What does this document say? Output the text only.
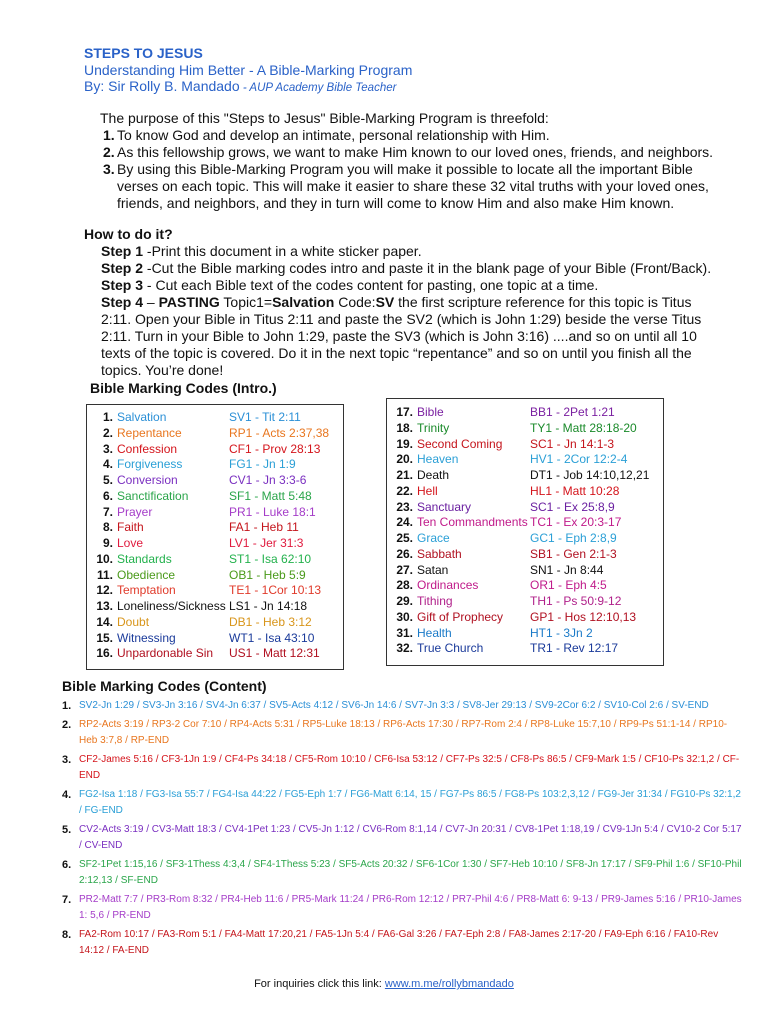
STEPS TO JESUS
Understanding Him Better - A Bible-Marking Program
By: Sir Rolly B. Mandado - AUP Academy Bible Teacher
The purpose of this "Steps to Jesus" Bible-Marking Program is threefold:
1. To know God and develop an intimate, personal relationship with Him.
2. As this fellowship grows, we want to make Him known to our loved ones, friends, and neighbors.
3. By using this Bible-Marking Program you will make it possible to locate all the important Bible verses on each topic. This will make it easier to share these 32 vital truths with your loved ones, friends, and neighbors, and they in turn will come to know Him and also make Him known.
How to do it?
Step 1 -Print this document in a white sticker paper.
Step 2 -Cut the Bible marking codes intro and paste it in the blank page of your Bible (Front/Back).
Step 3 - Cut each Bible text of the codes content for pasting, one topic at a time.
Step 4 – PASTING Topic1=Salvation Code:SV the first scripture reference for this topic is Titus 2:11. Open your Bible in Titus 2:11 and paste the SV2 (which is John 1:29) beside the verse Titus 2:11. Turn in your Bible to John 1:29, paste the SV3 (which is John 3:16) ....and so on until all 10 texts of the topic is covered. Do it in the next topic “repentance” and so on until you finish all the topics. You’re done!
Bible Marking Codes (Intro.)
1. Salvation	SV1 - Tit 2:11
2. Repentance	RP1 - Acts 2:37,38
3. Confession	CF1 - Prov 28:13
4. Forgiveness	FG1 - Jn 1:9
5. Conversion	CV1 - Jn 3:3-6
6. Sanctification	SF1 - Matt 5:48
7. Prayer	PR1 - Luke 18:1
8. Faith	FA1 - Heb 11
9. Love	LV1 - Jer 31:3
10. Standards	ST1 - Isa 62:10
11. Obedience	OB1 - Heb 5:9
12. Temptation	TE1 - 1Cor 10:13
13. Loneliness/Sickness LS1 - Jn 14:18
14. Doubt	DB1 - Heb 3:12
15. Witnessing	WT1 - Isa 43:10
16. Unpardonable Sin	US1 - Matt 12:31
17. Bible	BB1 - 2Pet 1:21
18. Trinity	TY1 - Matt 28:18-20
19. Second Coming	SC1 - Jn 14:1-3
20. Heaven	HV1 - 2Cor 12:2-4
21. Death	DT1 - Job 14:10,12,21
22. Hell	HL1 - Matt 10:28
23. Sanctuary	SC1 - Ex 25:8,9
24. Ten Commandments TC1 - Ex 20:3-17
25. Grace	GC1 - Eph 2:8,9
26. Sabbath	SB1 - Gen 2:1-3
27. Satan	SN1 - Jn 8:44
28. Ordinances	OR1 - Eph 4:5
29. Tithing	TH1 - Ps 50:9-12
30. Gift of Prophecy	GP1 - Hos 12:10,13
31. Health	HT1 - 3Jn 2
32. True Church	TR1 - Rev 12:17
Bible Marking Codes (Content)
1. SV2-Jn 1:29 / SV3-Jn 3:16 / SV4-Jn 6:37 / SV5-Acts 4:12 / SV6-Jn 14:6 / SV7-Jn 3:3 / SV8-Jer 29:13 / SV9-2Cor 6:2 / SV10-Col 2:6 / SV-END
2. RP2-Acts 3:19 / RP3-2 Cor 7:10 / RP4-Acts 5:31 / RP5-Luke 18:13 / RP6-Acts 17:30 / RP7-Rom 2:4 / RP8-Luke 15:7,10 / RP9-Ps 51:1-14 / RP10-Heb 3:7,8 / RP-END
3. CF2-James 5:16 / CF3-1Jn 1:9 / CF4-Ps 34:18 / CF5-Rom 10:10 / CF6-Isa 53:12 / CF7-Ps 32:5 / CF8-Ps 86:5 / CF9-Mark 1:5 / CF10-Ps 32:1,2 / CF-END
4. FG2-Isa 1:18 / FG3-Isa 55:7 / FG4-Isa 44:22 / FG5-Eph 1:7 / FG6-Matt 6:14, 15 / FG7-Ps 86:5 / FG8-Ps 103:2,3,12 / FG9-Jer 31:34 / FG10-Ps 32:1,2 / FG-END
5. CV2-Acts 3:19 / CV3-Matt 18:3 / CV4-1Pet 1:23 / CV5-Jn 1:12 / CV6-Rom 8:1,14 / CV7-Jn 20:31 / CV8-1Pet 1:18,19 / CV9-1Jn 5:4 / CV10-2 Cor 5:17 / CV-END
6. SF2-1Pet 1:15,16 / SF3-1Thess 4:3,4 / SF4-1Thess 5:23 / SF5-Acts 20:32 / SF6-1Cor 1:30 / SF7-Heb 10:10 / SF8-Jn 17:17 / SF9-Phil 1:6 / SF10-Phil 2:12,13 / SF-END
7. PR2-Matt 7:7 / PR3-Rom 8:32 / PR4-Heb 11:6 / PR5-Mark 11:24 / PR6-Rom 12:12 / PR7-Phil 4:6 / PR8-Matt 6: 9-13 / PR9-James 5:16 / PR10-James 1: 5,6 / PR-END
8. FA2-Rom 10:17 / FA3-Rom 5:1 / FA4-Matt 17:20,21 / FA5-1Jn 5:4 / FA6-Gal 3:26 / FA7-Eph 2:8 / FA8-James 2:17-20 / FA9-Eph 6:16 / FA10-Rev 14:12 / FA-END
For inquiries click this link: www.m.me/rollybmandado
